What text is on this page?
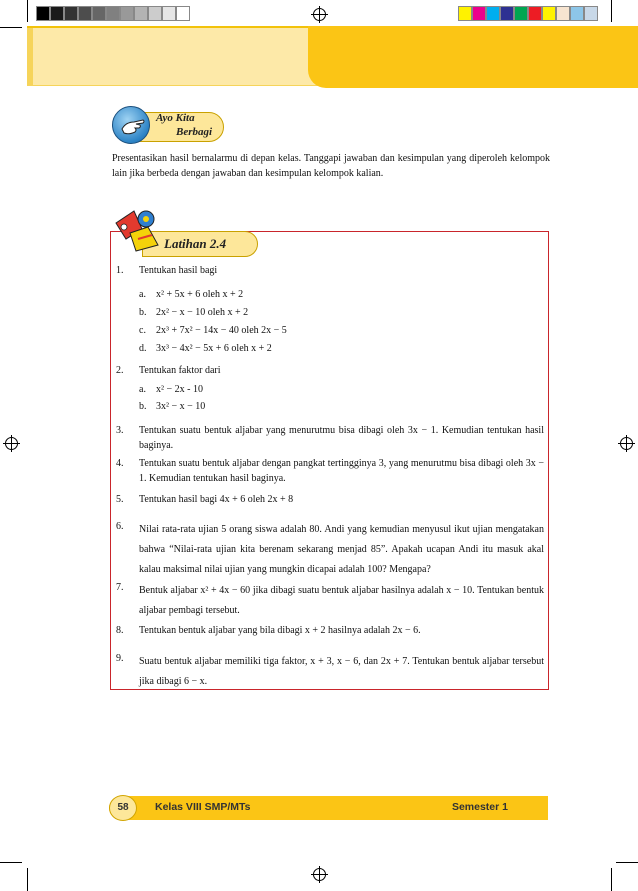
Ayo Kita
Berbagi

Presentasikan hasil bernalarmu di depan kelas. Tanggapi jawaban dan kesimpulan yang diperoleh kelompok lain jika berbeda dengan jawaban dan kesimpulan kelompok kalian.

Latihan 2.4
1. Tentukan hasil bagi
a. x² + 5x + 6 oleh x + 2
b. 2x² − x − 10 oleh x + 2
c. 2x³ + 7x² − 14x − 40 oleh 2x − 5
d. 3x³ − 4x² − 5x + 6 oleh x + 2
2. Tentukan faktor dari
a. x² − 2x - 10
b. 3x² − x − 10
3. Tentukan suatu bentuk aljabar yang menurutmu bisa dibagi oleh 3x − 1. Kemudian tentukan hasil baginya.
4. Tentukan suatu bentuk aljabar dengan pangkat tertingginya 3, yang menurutmu bisa dibagi oleh 3x − 1. Kemudian tentukan hasil baginya.
5. Tentukan hasil bagi 4x + 6 oleh 2x + 8
6. Nilai rata-rata ujian 5 orang siswa adalah 80. Andi yang kemudian menyusul ikut ujian mengatakan bahwa “Nilai-rata ujian kita berenam sekarang menjad 85”. Apakah ucapan Andi itu masuk akal kalau maksimal nilai ujian yang mungkin dicapai adalah 100? Mengapa?
7. Bentuk aljabar x² + 4x − 60 jika dibagi suatu bentuk aljabar hasilnya adalah x − 10. Tentukan bentuk aljabar pembagi tersebut.
8. Tentukan bentuk aljabar yang bila dibagi x + 2 hasilnya adalah 2x − 6.
9. Suatu bentuk aljabar memiliki tiga faktor, x + 3, x − 6, dan 2x + 7. Tentukan bentuk aljabar tersebut jika dibagi 6 − x.
58	Kelas VIII SMP/MTs	Semester 1
